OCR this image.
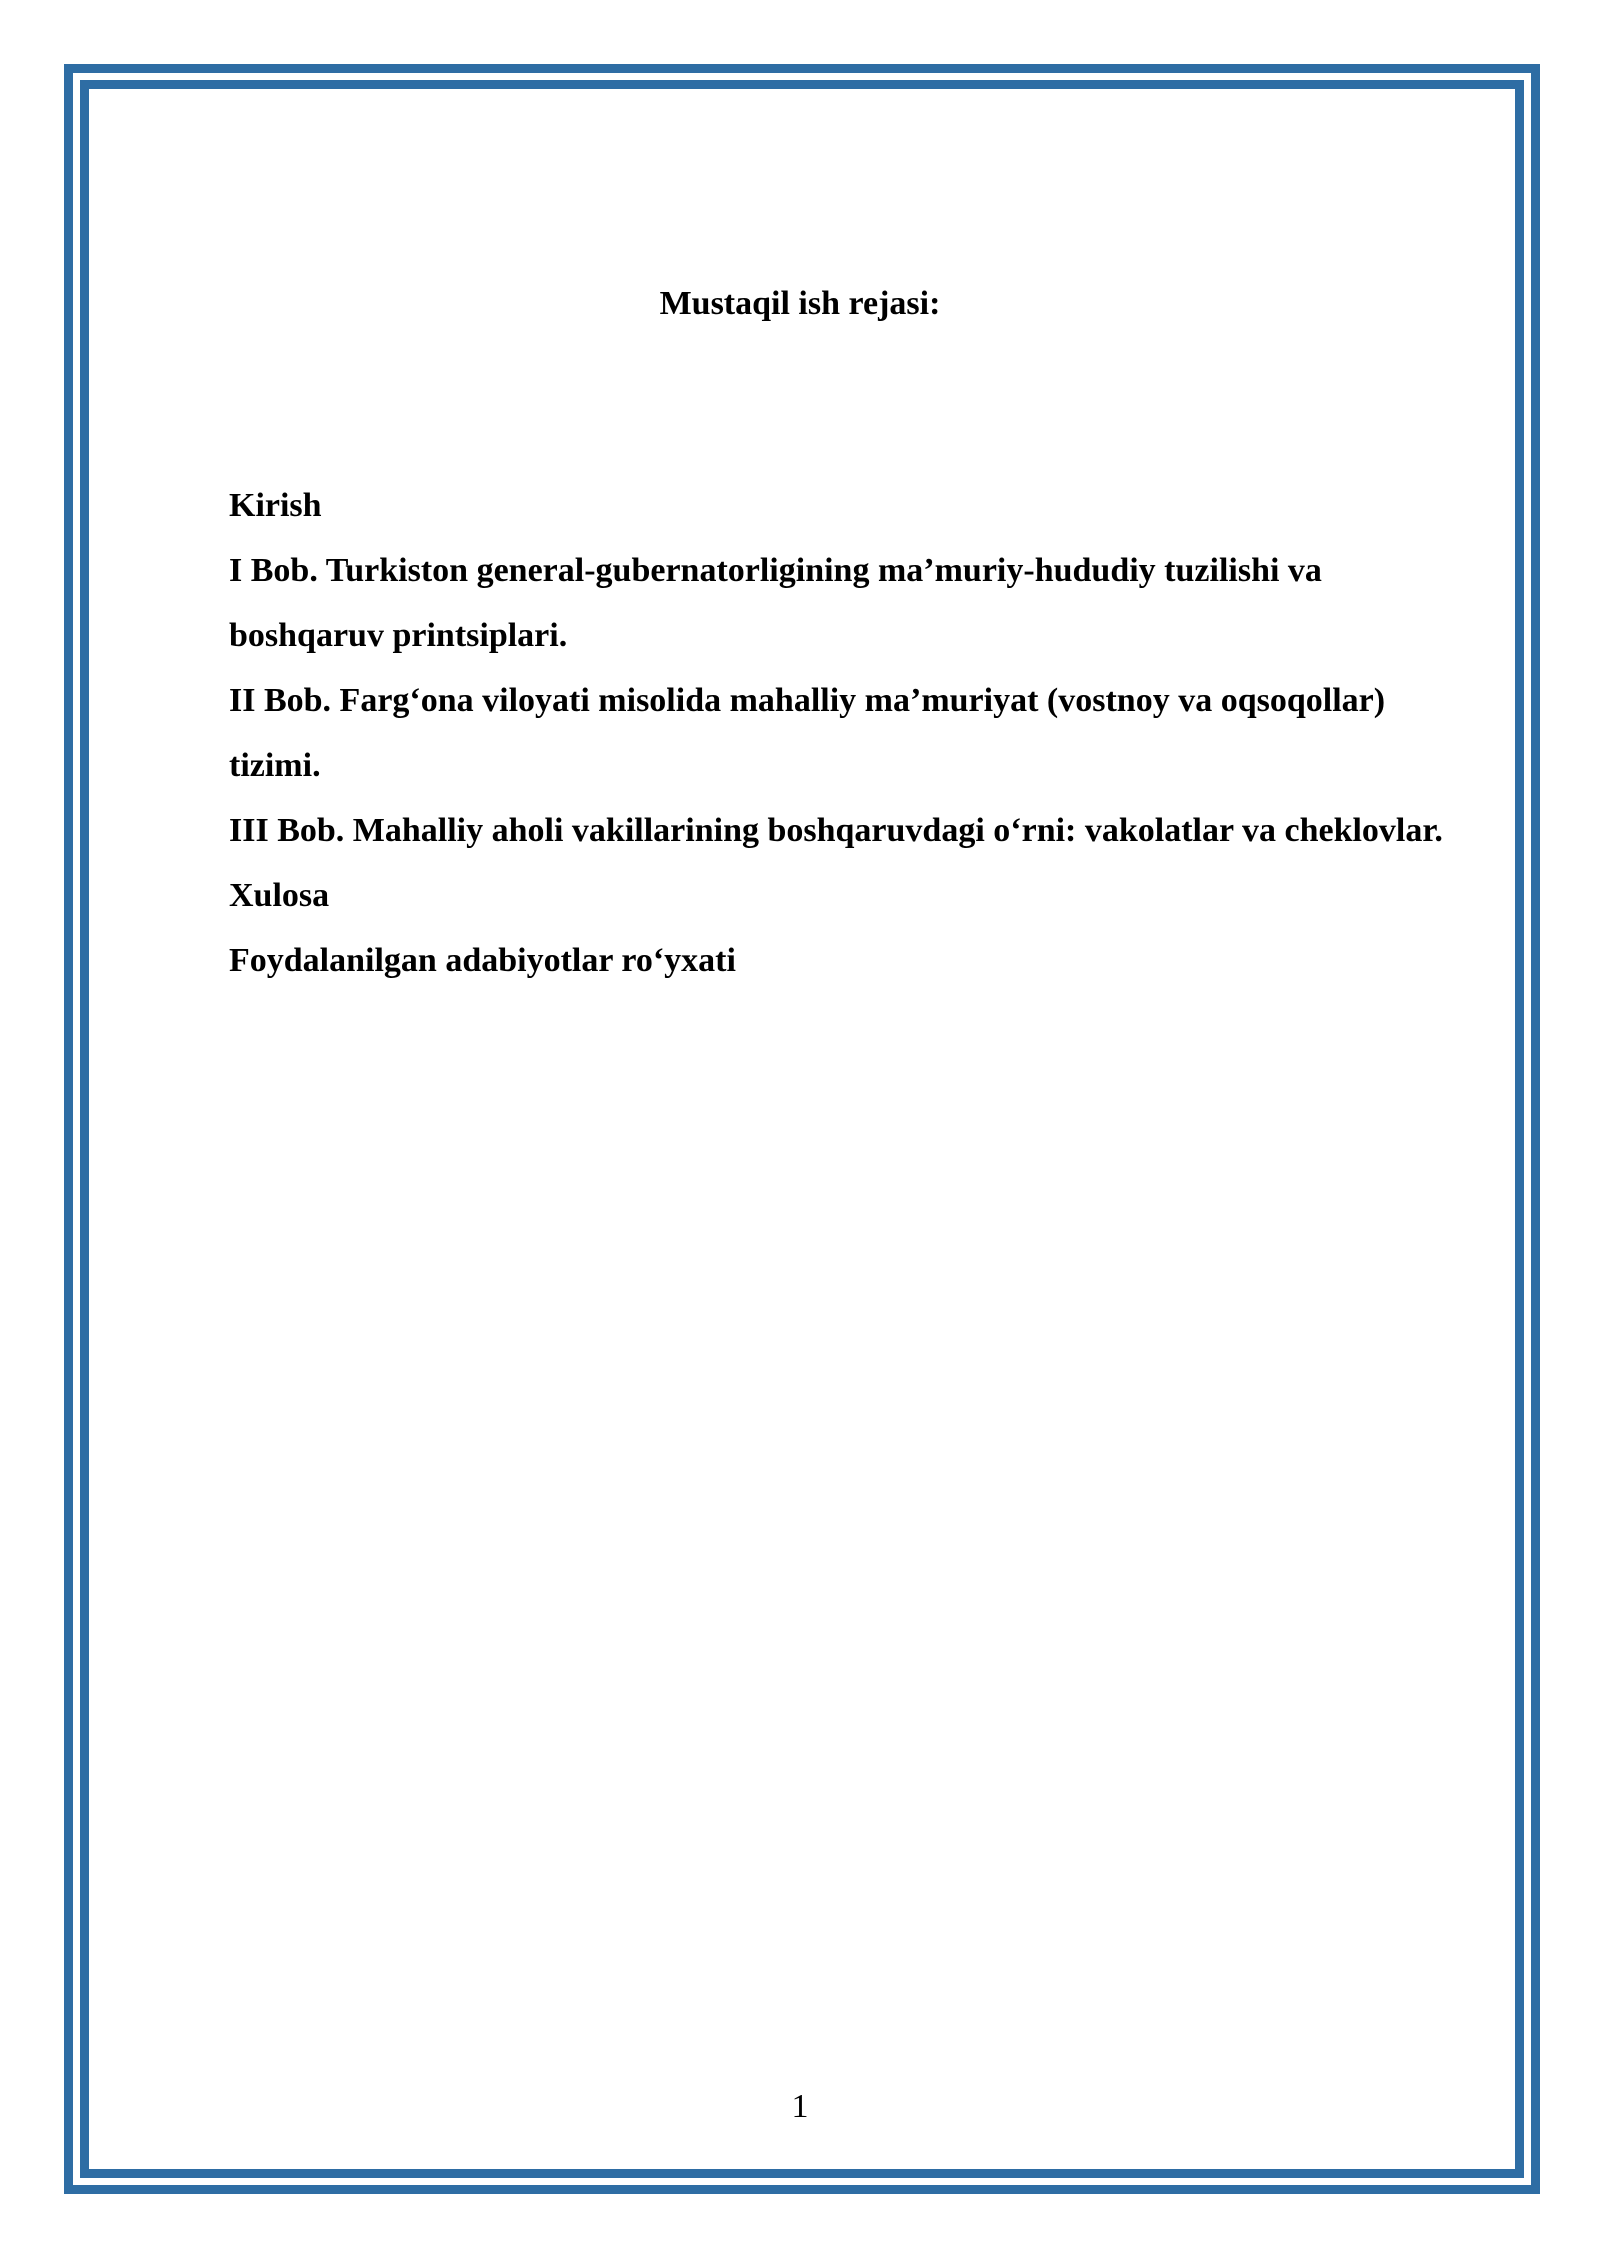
Mustaqil ish rejasi:
Kirish
I Bob. Turkiston general-gubernatorligining ma’muriy-hududiy tuzilishi va boshqaruv printsiplari.
II Bob. Farg‘ona viloyati misolida mahalliy ma’muriyat (vostnoy va oqsoqollar) tizimi.
III Bob. Mahalliy aholi vakillarining boshqaruvdagi o‘rni: vakolatlar va cheklovlar.
Xulosa
Foydalanilgan adabiyotlar ro‘yxati
1
